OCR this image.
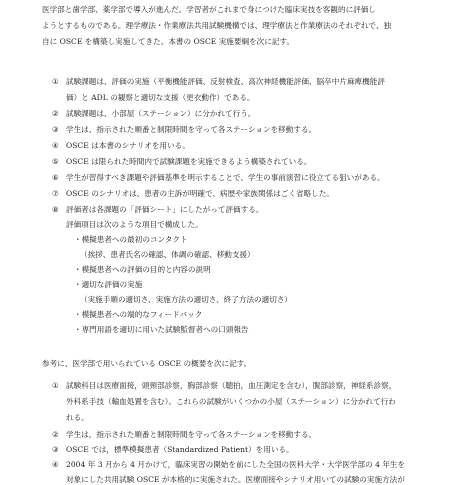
医学部と歯学部、薬学部で導入が進んだ。学習者がこれまで身につけた臨床実技を客観的に評価し
ようとするものである。理学療法・作業療法共用試験機構では、理学療法と作業療法のそれぞれで、独
自に OSCE を構築し実施してきた。本書の OSCE 実施要綱を次に記す。
① 試験課題は、評価の実施（平衡機能評価、反射検査、高次神経機能評価、脳卒中片麻痺機能評
価）と ADL の観察と適切な支援（更衣動作）である。
② 試験課題は、小部屋（ステーション）に分かれて行う。
③ 学生は、指示された順番と制限時間を守って各ステーションを移動する。
④ OSCE は本書のシナリオを用いる。
⑤ OSCE は限られた時間内で試験課題を実施できるよう構築されている。
⑥ 学生が習得すべき課題や評価基準を明示することで、学生の事前演習に役立てる狙いがある。
⑦ OSCE のシナリオは、患者の主訴が明確で、病歴や家族関係はごく省略した。
⑧ 評価者は各課題の「評価シート」にしたがって評価する。
評価項目は次のような項目で構成した。
・模擬患者への最初のコンタクト
（挨拶、患者氏名の確認、体調の確認、移動支援）
・模擬患者への評価の目的と内容の説明
・適切な評価の実施
（実施手順の適切さ、実施方法の適切さ、終了方法の適切さ）
・模擬患者への端的なフィードバック
・専門用語を適切に用いた試験監督者への口頭報告
参考に、医学部で用いられている OSCE の概要を次に記す。
① 試験科目は医療面接，頭頸部診察，胸部診察（聴拍，血圧測定を含む），腹部診察，神経系診察，
外科系手技（輸血処置を含む）。これらの試験がいくつかの小屋（ステーション）に分かれて行わ
れる。
② 学生は，指示された順番と制限時間を守って各ステーションを移動する。
③ OSCE では，標準模擬患者（Standardized Patient）を用いる。
④ 2004 年 3 月から 4 月かけて，臨床実習の開始を前にした全国の医科大学・大学医学部の 4 年生を
対象にした共用試験 OSCE が本格的に実施された。医療面接やシナリオ用いての試験の実施方法が
